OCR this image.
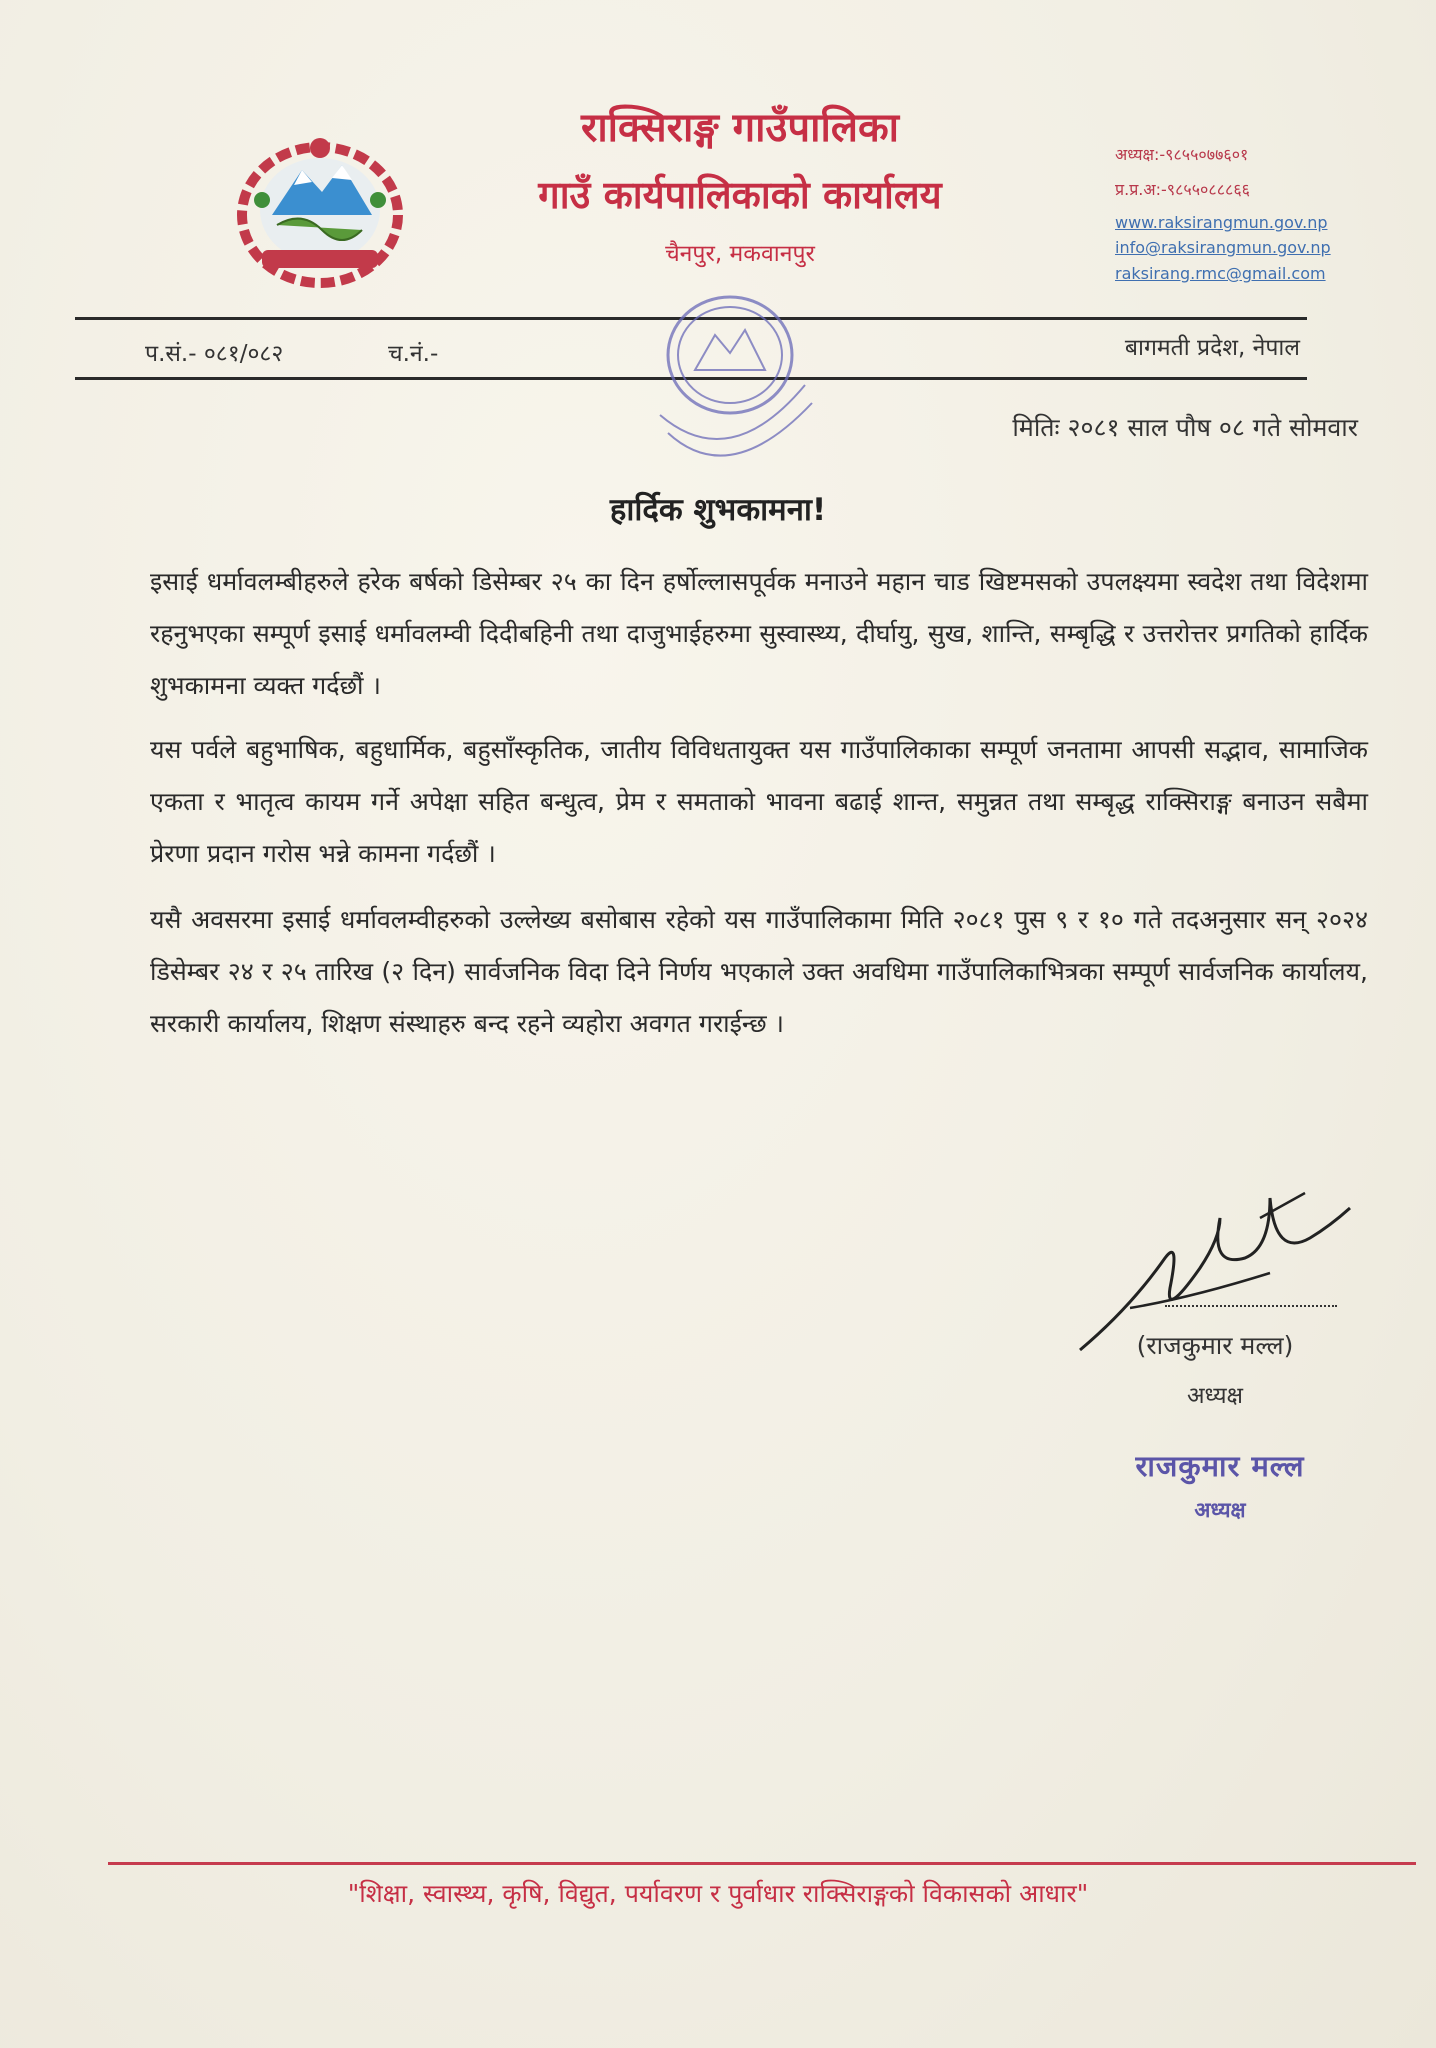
राक्सिराङ्ग गाउँपालिका
गाउँ कार्यपालिकाको कार्यालय
चैनपुर, मकवानपुर
अध्यक्ष:-९८५५०७७६०१
प्र.प्र.अ:-९८५५०८८८६६
www.raksirangmun.gov.np
info@raksirangmun.gov.np
raksirang.rmc@gmail.com
प.सं.- ०८१/०८२	च.नं.-	बागमती प्रदेश, नेपाल
मितिः २०८१ साल पौष ०८ गते सोमवार
हार्दिक शुभकामना!
इसाई धर्मावलम्बीहरुले हरेक बर्षको डिसेम्बर २५ का दिन हर्षोल्लासपूर्वक मनाउने महान चाड खिष्टमसको उपलक्ष्यमा स्वदेश तथा विदेशमा रहनुभएका सम्पूर्ण इसाई धर्मावलम्वी दिदीबहिनी तथा दाजुभाईहरुमा सुस्वास्थ्य, दीर्घायु, सुख, शान्ति, सम्बृद्धि र उत्तरोत्तर प्रगतिको हार्दिक शुभकामना व्यक्त गर्दछौं ।
यस पर्वले बहुभाषिक, बहुधार्मिक, बहुसाँस्कृतिक, जातीय विविधतायुक्त यस गाउँपालिकाका सम्पूर्ण जनतामा आपसी सद्भाव, सामाजिक एकता र भातृत्व कायम गर्ने अपेक्षा सहित बन्धुत्व, प्रेम र समताको भावना बढाई शान्त, समुन्नत तथा सम्बृद्ध राक्सिराङ्ग बनाउन सबैमा प्रेरणा प्रदान गरोस भन्ने कामना गर्दछौं ।
यसै अवसरमा इसाई धर्मावलम्वीहरुको उल्लेख्य बसोबास रहेको यस गाउँपालिकामा मिति २०८१ पुस ९ र १० गते तदअनुसार सन् २०२४ डिसेम्बर २४ र २५ तारिख (२ दिन) सार्वजनिक विदा दिने निर्णय भएकाले उक्त अवधिमा गाउँपालिकाभित्रका सम्पूर्ण सार्वजनिक कार्यालय, सरकारी कार्यालय, शिक्षण संस्थाहरु बन्द रहने व्यहोरा अवगत गराईन्छ ।
(राजकुमार मल्ल)
अध्यक्ष
राजकुमार मल्ल
अध्यक्ष
"शिक्षा, स्वास्थ्य, कृषि, विद्युत, पर्यावरण र पुर्वाधार राक्सिराङ्गको विकासको आधार"
